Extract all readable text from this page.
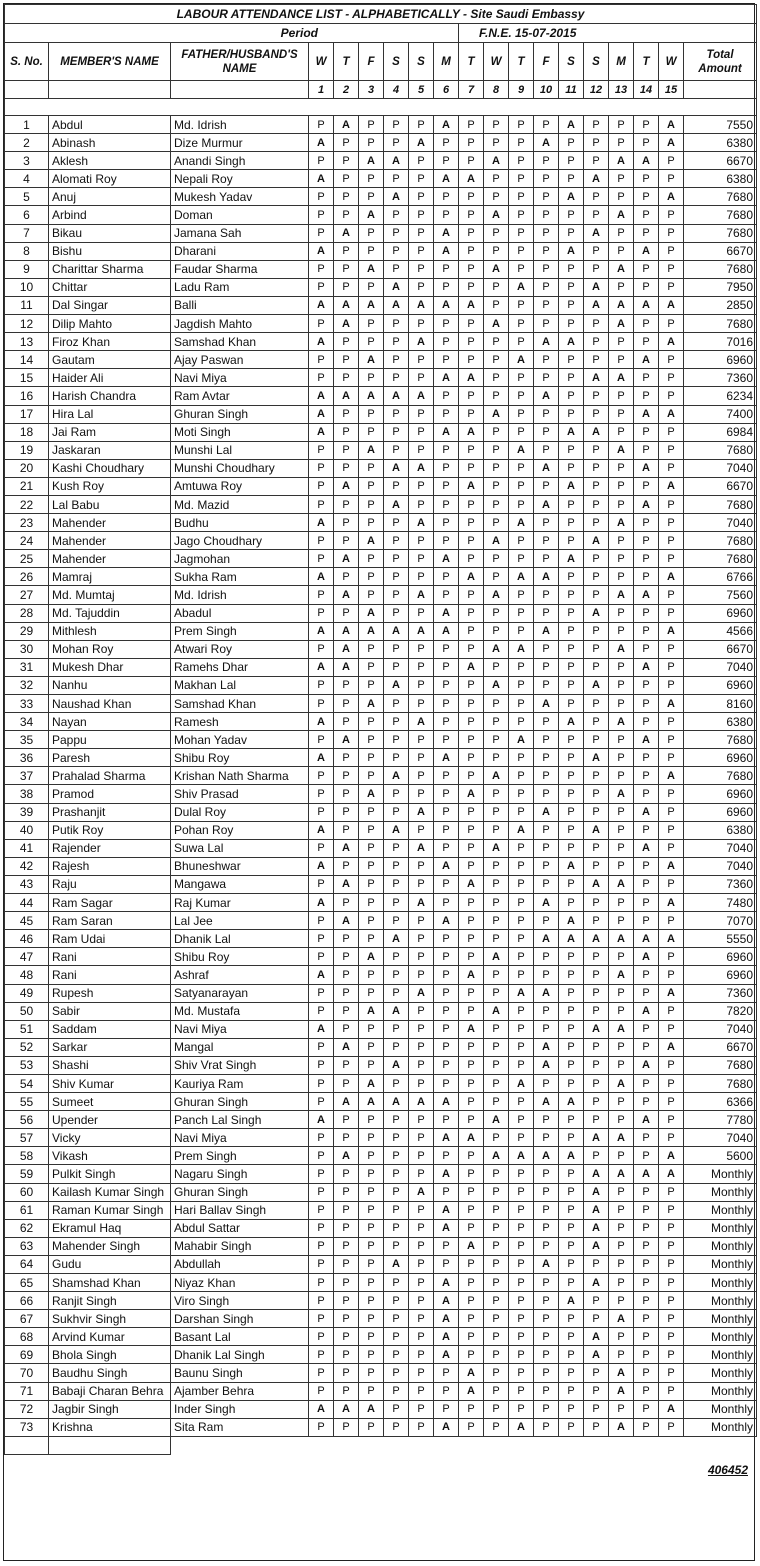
LABOUR ATTENDANCE LIST - ALPHABETICALLY - Site Saudi Embassy																		
Period									F.N.E. 15-07-2015									
S. No.	MEMBER'S NAME	FATHER/HUSBAND'S NAME	W	T	F	S	S	M	T	W	T	F	S	S	M	T	W	Total Amount
			1	2	3	4	5	6	7	8	9	10	11	12	13	14	15	

1	Abdul	Md. Idrish	P	A	P	P	P	A	P	P	P	P	A	P	P	P	A	7550
2	Abinash	Dize Murmur	A	P	P	P	A	P	P	P	P	A	P	P	P	P	A	6380
3	Aklesh	Anandi Singh	P	P	A	A	P	P	P	A	P	P	P	P	A	A	P	6670
4	Alomati Roy	Nepali Roy	A	P	P	P	P	A	A	P	P	P	P	A	P	P	P	6380
5	Anuj	Mukesh Yadav	P	P	P	A	P	P	P	P	P	P	A	P	P	P	A	7680
6	Arbind	Doman	P	P	A	P	P	P	P	A	P	P	P	P	A	P	P	7680
7	Bikau	Jamana Sah	P	A	P	P	P	A	P	P	P	P	P	A	P	P	P	7680
8	Bishu	Dharani	A	P	P	P	P	A	P	P	P	P	A	P	P	A	P	6670
9	Charittar Sharma	Faudar Sharma	P	P	A	P	P	P	P	A	P	P	P	P	A	P	P	7680
10	Chittar	Ladu Ram	P	P	P	A	P	P	P	P	A	P	P	A	P	P	P	7950
11	Dal Singar	Balli	A	A	A	A	A	A	A	P	P	P	P	A	A	A	A	2850
12	Dilip Mahto	Jagdish Mahto	P	A	P	P	P	P	P	A	P	P	P	P	A	P	P	7680
13	Firoz Khan	Samshad Khan	A	P	P	P	A	P	P	P	P	A	A	P	P	P	A	7016
14	Gautam	Ajay Paswan	P	P	A	P	P	P	P	P	A	P	P	P	P	A	P	6960
15	Haider Ali	Navi Miya	P	P	P	P	P	A	A	P	P	P	P	A	A	P	P	7360
16	Harish Chandra	Ram Avtar	A	A	A	A	A	P	P	P	P	A	P	P	P	P	P	6234
17	Hira Lal	Ghuran Singh	A	P	P	P	P	P	P	A	P	P	P	P	P	A	A	7400
18	Jai Ram	Moti Singh	A	P	P	P	P	A	A	P	P	P	A	A	P	P	P	6984
19	Jaskaran	Munshi Lal	P	P	A	P	P	P	P	P	A	P	P	P	A	P	P	7680
20	Kashi Choudhary	Munshi Choudhary	P	P	P	A	A	P	P	P	P	A	P	P	P	A	P	7040
21	Kush Roy	Amtuwa Roy	P	A	P	P	P	P	A	P	P	P	A	P	P	P	A	6670
22	Lal Babu	Md. Mazid	P	P	P	A	P	P	P	P	P	A	P	P	P	A	P	7680
23	Mahender	Budhu	A	P	P	P	A	P	P	P	A	P	P	P	A	P	P	7040
24	Mahender	Jago Choudhary	P	P	A	P	P	P	P	A	P	P	P	A	P	P	P	7680
25	Mahender	Jagmohan	P	A	P	P	P	A	P	P	P	P	A	P	P	P	P	7680
26	Mamraj	Sukha Ram	A	P	P	P	P	P	A	P	A	A	P	P	P	P	A	6766
27	Md. Mumtaj	Md. Idrish	P	A	P	P	A	P	P	A	P	P	P	P	A	A	P	7560
28	Md. Tajuddin	Abadul	P	P	A	P	P	A	P	P	P	P	P	A	P	P	P	6960
29	Mithlesh	Prem Singh	A	A	A	A	A	A	P	P	P	A	P	P	P	P	A	4566
30	Mohan Roy	Atwari Roy	P	A	P	P	P	P	P	A	A	P	P	P	A	P	P	6670
31	Mukesh Dhar	Ramehs Dhar	A	A	P	P	P	P	A	P	P	P	P	P	P	A	P	7040
32	Nanhu	Makhan Lal	P	P	P	A	P	P	P	A	P	P	P	A	P	P	P	6960
33	Naushad Khan	Samshad Khan	P	P	A	P	P	P	P	P	P	A	P	P	P	P	A	8160
34	Nayan	Ramesh	A	P	P	P	A	P	P	P	P	P	A	P	A	P	P	6380
35	Pappu	Mohan Yadav	P	A	P	P	P	P	P	P	A	P	P	P	P	A	P	7680
36	Paresh	Shibu Roy	A	P	P	P	P	A	P	P	P	P	P	A	P	P	P	6960
37	Prahalad Sharma	Krishan Nath Sharma	P	P	P	A	P	P	P	A	P	P	P	P	P	P	A	7680
38	Pramod	Shiv Prasad	P	P	A	P	P	P	A	P	P	P	P	P	A	P	P	6960
39	Prashanjit	Dulal Roy	P	P	P	P	A	P	P	P	P	A	P	P	P	A	P	6960
40	Putik Roy	Pohan Roy	A	P	P	A	P	P	P	P	A	P	P	A	P	P	P	6380
41	Rajender	Suwa Lal	P	A	P	P	A	P	P	A	P	P	P	P	P	A	P	7040
42	Rajesh	Bhuneshwar	A	P	P	P	P	A	P	P	P	P	A	P	P	P	A	7040
43	Raju	Mangawa	P	A	P	P	P	P	A	P	P	P	P	A	A	P	P	7360
44	Ram Sagar	Raj Kumar	A	P	P	P	A	P	P	P	P	A	P	P	P	P	A	7480
45	Ram Saran	Lal Jee	P	A	P	P	P	A	P	P	P	P	A	P	P	P	P	7070
46	Ram Udai	Dhanik Lal	P	P	P	A	P	P	P	P	P	A	A	A	A	A	A	5550
47	Rani	Shibu Roy	P	P	A	P	P	P	P	A	P	P	P	P	P	A	P	6960
48	Rani	Ashraf	A	P	P	P	P	P	A	P	P	P	P	P	A	P	P	6960
49	Rupesh	Satyanarayan	P	P	P	P	A	P	P	P	A	A	P	P	P	P	A	7360
50	Sabir	Md. Mustafa	P	P	A	A	P	P	P	A	P	P	P	P	P	A	P	7820
51	Saddam	Navi Miya	A	P	P	P	P	P	A	P	P	P	P	A	A	P	P	7040
52	Sarkar	Mangal	P	A	P	P	P	P	P	P	P	A	P	P	P	P	A	6670
53	Shashi	Shiv Vrat Singh	P	P	P	A	P	P	P	P	P	A	P	P	P	A	P	7680
54	Shiv Kumar	Kauriya Ram	P	P	A	P	P	P	P	P	A	P	P	P	A	P	P	7680
55	Sumeet	Ghuran Singh	P	A	A	A	A	A	P	P	P	A	A	P	P	P	P	6366
56	Upender	Panch Lal Singh	A	P	P	P	P	P	P	A	P	P	P	P	P	A	P	7780
57	Vicky	Navi Miya	P	P	P	P	P	A	A	P	P	P	P	A	A	P	P	7040
58	Vikash	Prem Singh	P	A	P	P	P	P	P	A	A	A	A	P	P	P	A	5600
59	Pulkit Singh	Nagaru Singh	P	P	P	P	P	A	P	P	P	P	P	A	A	A	A	Monthly
60	Kailash Kumar Singh	Ghuran Singh	P	P	P	P	A	P	P	P	P	P	P	A	P	P	P	Monthly
61	Raman Kumar Singh	Hari Ballav Singh	P	P	P	P	P	A	P	P	P	P	P	A	P	P	P	Monthly
62	Ekramul Haq	Abdul Sattar	P	P	P	P	P	A	P	P	P	P	P	A	P	P	P	Monthly
63	Mahender Singh	Mahabir Singh	P	P	P	P	P	P	A	P	P	P	P	A	P	P	P	Monthly
64	Gudu	Abdullah	P	P	P	A	P	P	P	P	P	A	P	P	P	P	P	Monthly
65	Shamshad Khan	Niyaz Khan	P	P	P	P	P	A	P	P	P	P	P	A	P	P	P	Monthly
66	Ranjit Singh	Viro Singh	P	P	P	P	P	A	P	P	P	P	A	P	P	P	P	Monthly
67	Sukhvir Singh	Darshan Singh	P	P	P	P	P	A	P	P	P	P	P	P	A	P	P	Monthly
68	Arvind Kumar	Basant Lal	P	P	P	P	P	A	P	P	P	P	P	A	P	P	P	Monthly
69	Bhola Singh	Dhanik Lal Singh	P	P	P	P	P	A	P	P	P	P	P	A	P	P	P	Monthly
70	Baudhu Singh	Baunu Singh	P	P	P	P	P	P	A	P	P	P	P	P	A	P	P	Monthly
71	Babaji Charan Behra	Ajamber Behra	P	P	P	P	P	P	A	P	P	P	P	P	A	P	P	Monthly
72	Jagbir Singh	Inder Singh	A	A	A	P	P	P	P	P	P	P	P	P	P	P	A	Monthly
73	Krishna	Sita Ram	P	P	P	P	P	A	P	P	A	P	P	P	A	P	P	Monthly

406452
